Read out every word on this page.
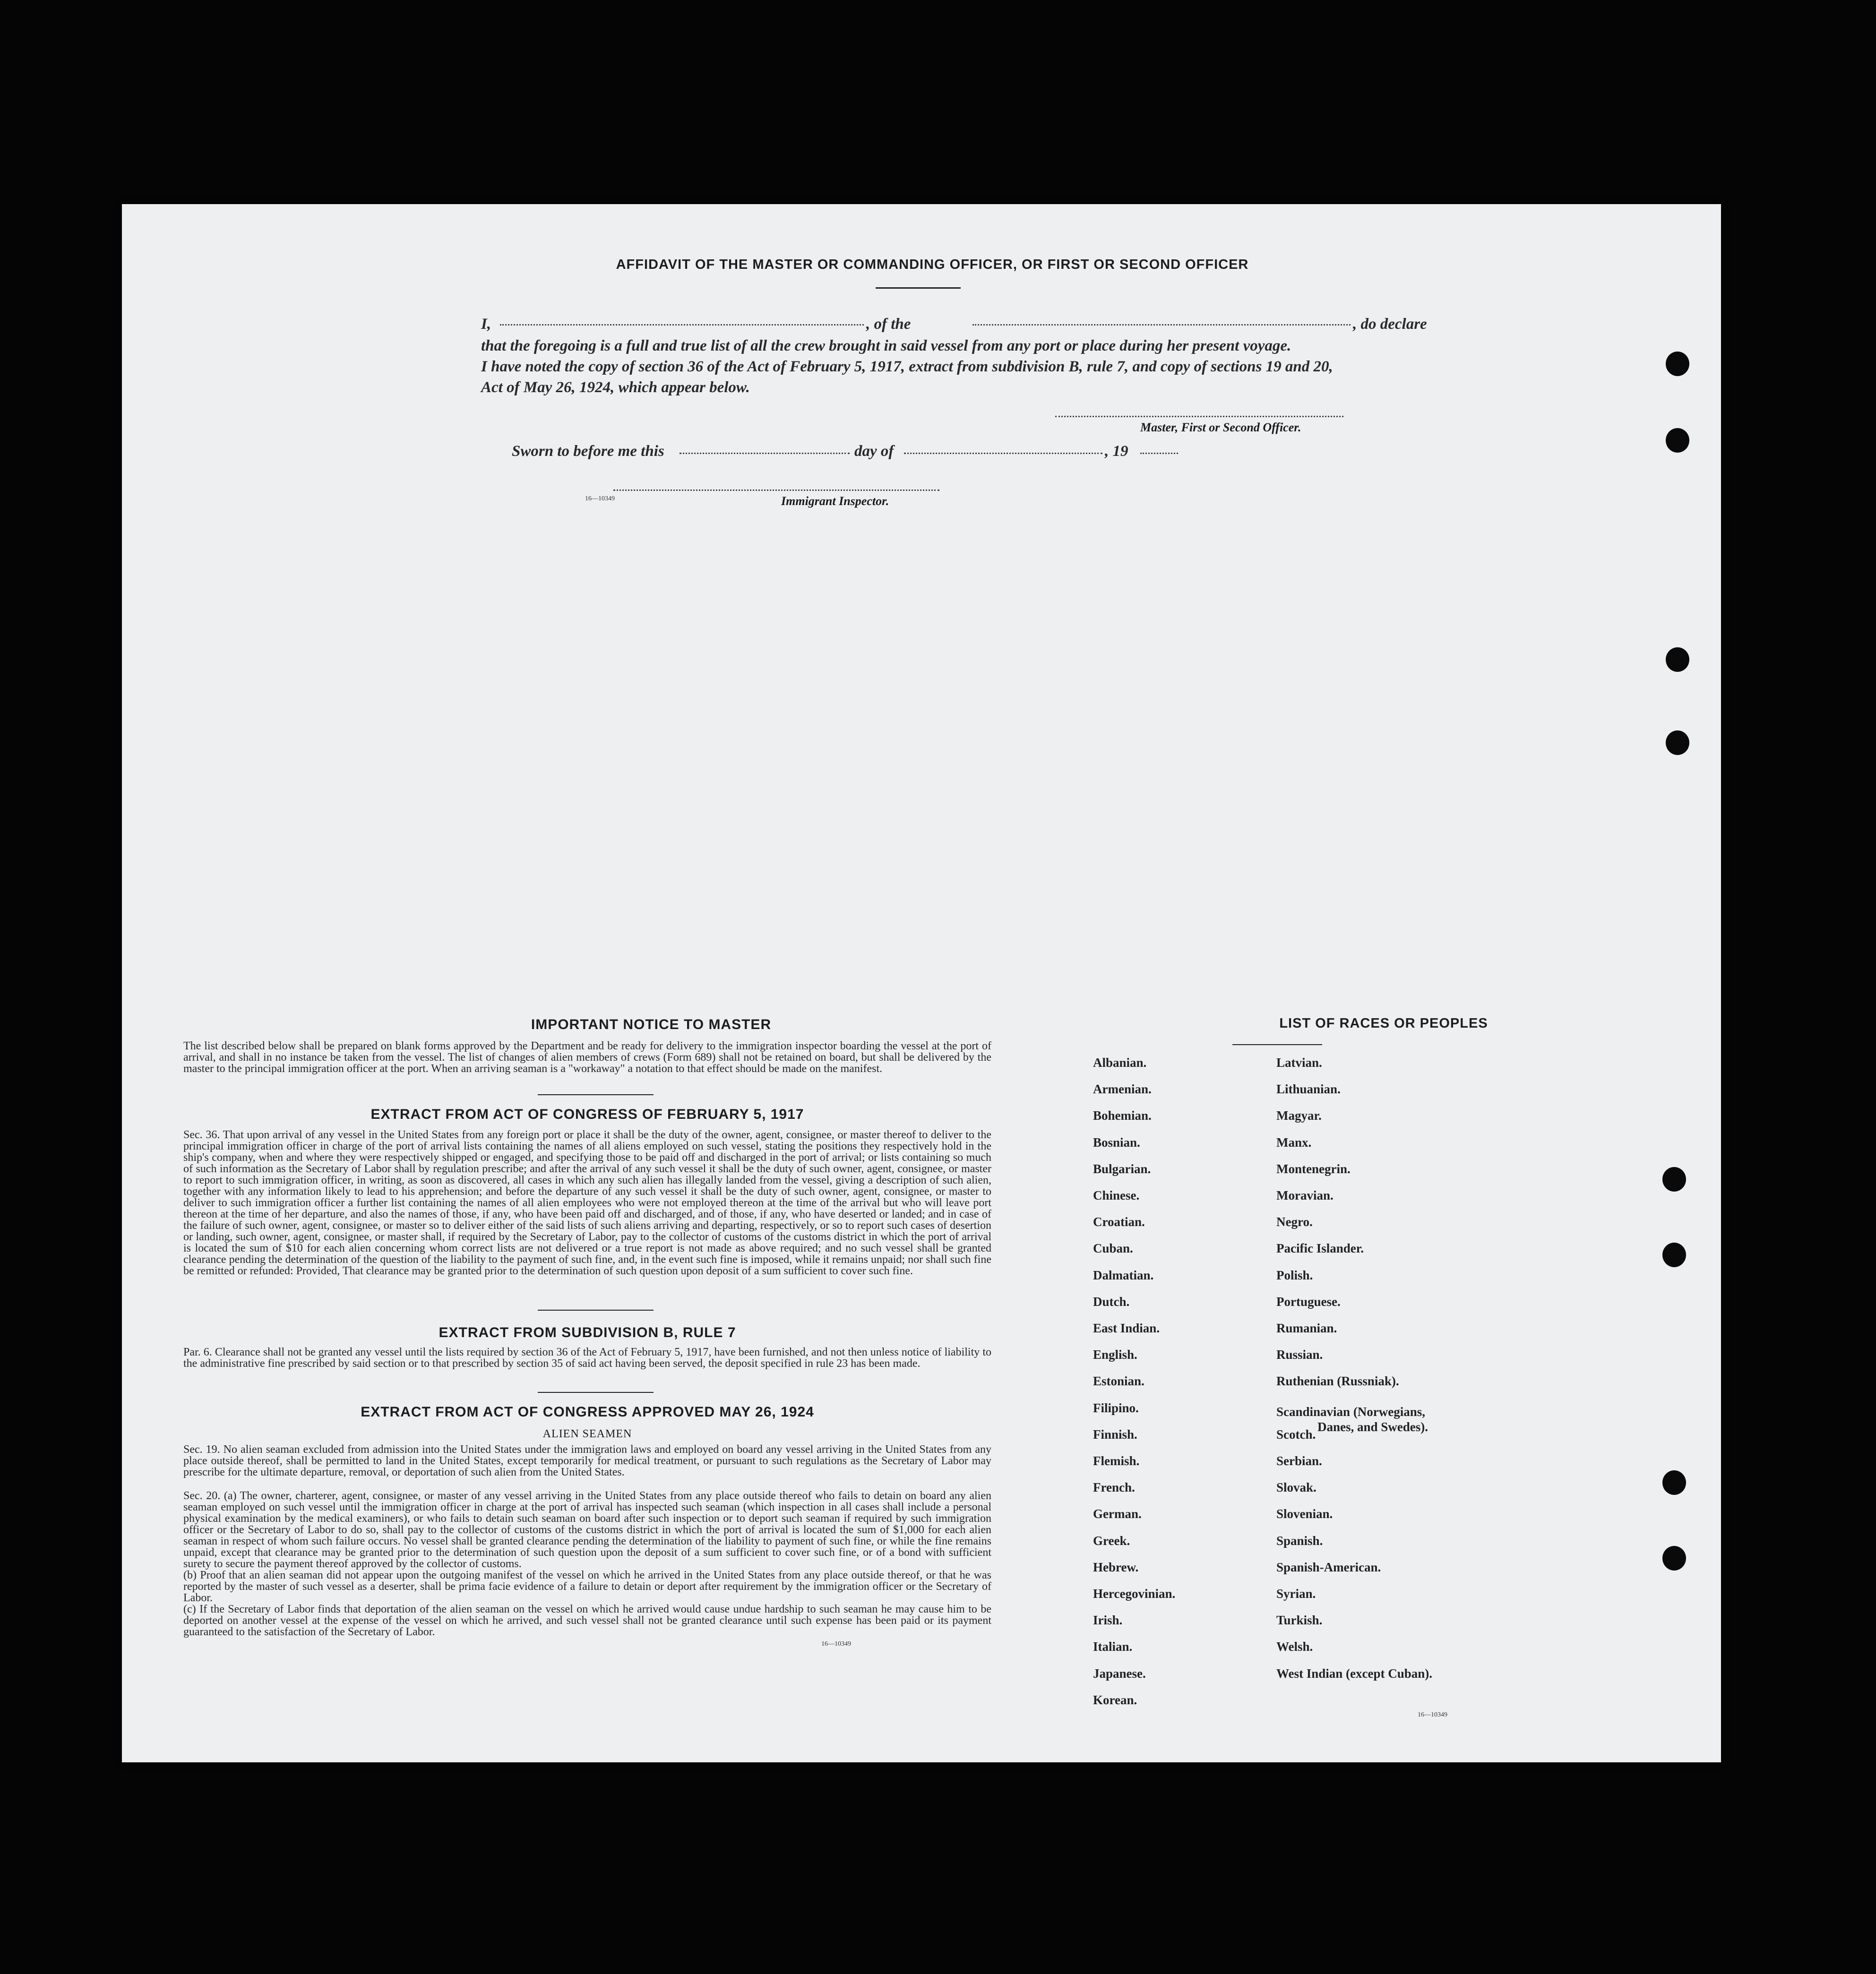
AFFIDAVIT OF THE MASTER OR COMMANDING OFFICER, OR FIRST OR SECOND OFFICER
I,	, of the	, do declare
that the foregoing is a full and true list of all the crew brought in said vessel from any port or place during her present voyage.
I have noted the copy of section 36 of the Act of February 5, 1917, extract from subdivision B, rule 7, and copy of sections 19 and 20,
Act of May 26, 1924, which appear below.
Master, First or Second Officer.
Sworn to before me this	day of	, 19
16—10349	Immigrant Inspector.
IMPORTANT NOTICE TO MASTER
The list described below shall be prepared on blank forms approved by the Department and be ready for delivery to the immigration inspector boarding the vessel at the port of arrival, and shall in no instance be taken from the vessel. The list of changes of alien members of crews (Form 689) shall not be retained on board, but shall be delivered by the master to the principal immigration officer at the port. When an arriving seaman is a "workaway" a notation to that effect should be made on the manifest.
EXTRACT FROM ACT OF CONGRESS OF FEBRUARY 5, 1917
Sec. 36. That upon arrival of any vessel in the United States from any foreign port or place it shall be the duty of the owner, agent, consignee, or master thereof to deliver to the principal immigration officer in charge of the port of arrival lists containing the names of all aliens employed on such vessel, stating the positions they respectively hold in the ship's company, when and where they were respectively shipped or engaged, and specifying those to be paid off and discharged in the port of arrival; or lists containing so much of such information as the Secretary of Labor shall by regulation prescribe; and after the arrival of any such vessel it shall be the duty of such owner, agent, consignee, or master to report to such immigration officer, in writing, as soon as discovered, all cases in which any such alien has illegally landed from the vessel, giving a description of such alien, together with any information likely to lead to his apprehension; and before the departure of any such vessel it shall be the duty of such owner, agent, consignee, or master to deliver to such immigration officer a further list containing the names of all alien employees who were not employed thereon at the time of the arrival but who will leave port thereon at the time of her departure, and also the names of those, if any, who have been paid off and discharged, and of those, if any, who have deserted or landed; and in case of the failure of such owner, agent, consignee, or master so to deliver either of the said lists of such aliens arriving and departing, respectively, or so to report such cases of desertion or landing, such owner, agent, consignee, or master shall, if required by the Secretary of Labor, pay to the collector of customs of the customs district in which the port of arrival is located the sum of $10 for each alien concerning whom correct lists are not delivered or a true report is not made as above required; and no such vessel shall be granted clearance pending the determination of the question of the liability to the payment of such fine, and, in the event such fine is imposed, while it remains unpaid; nor shall such fine be remitted or refunded: Provided, That clearance may be granted prior to the determination of such question upon deposit of a sum sufficient to cover such fine.
EXTRACT FROM SUBDIVISION B, RULE 7
Par. 6. Clearance shall not be granted any vessel until the lists required by section 36 of the Act of February 5, 1917, have been furnished, and not then unless notice of liability to the administrative fine prescribed by said section or to that prescribed by section 35 of said act having been served, the deposit specified in rule 23 has been made.
EXTRACT FROM ACT OF CONGRESS APPROVED MAY 26, 1924
ALIEN SEAMEN
Sec. 19. No alien seaman excluded from admission into the United States under the immigration laws and employed on board any vessel arriving in the United States from any place outside thereof, shall be permitted to land in the United States, except temporarily for medical treatment, or pursuant to such regulations as the Secretary of Labor may prescribe for the ultimate departure, removal, or deportation of such alien from the United States.
Sec. 20. (a) The owner, charterer, agent, consignee, or master of any vessel arriving in the United States from any place outside thereof who fails to detain on board any alien seaman employed on such vessel until the immigration officer in charge at the port of arrival has inspected such seaman (which inspection in all cases shall include a personal physical examination by the medical examiners), or who fails to detain such seaman on board after such inspection or to deport such seaman if required by such immigration officer or the Secretary of Labor to do so, shall pay to the collector of customs of the customs district in which the port of arrival is located the sum of $1,000 for each alien seaman in respect of whom such failure occurs. No vessel shall be granted clearance pending the determination of the liability to payment of such fine, or while the fine remains unpaid, except that clearance may be granted prior to the determination of such question upon the deposit of a sum sufficient to cover such fine, or of a bond with sufficient surety to secure the payment thereof approved by the collector of customs.
(b) Proof that an alien seaman did not appear upon the outgoing manifest of the vessel on which he arrived in the United States from any place outside thereof, or that he was reported by the master of such vessel as a deserter, shall be prima facie evidence of a failure to detain or deport after requirement by the immigration officer or the Secretary of Labor.
(c) If the Secretary of Labor finds that deportation of the alien seaman on the vessel on which he arrived would cause undue hardship to such seaman he may cause him to be deported on another vessel at the expense of the vessel on which he arrived, and such vessel shall not be granted clearance until such expense has been paid or its payment guaranteed to the satisfaction of the Secretary of Labor.
16—10349
LIST OF RACES OR PEOPLES
16—10349
Albanian.
Armenian.
Bohemian.
Bosnian.
Bulgarian.
Chinese.
Croatian.
Cuban.
Dalmatian.
Dutch.
East Indian.
English.
Estonian.
Filipino.
Finnish.
Flemish.
French.
German.
Greek.
Hebrew.
Hercegovinian.
Irish.
Italian.
Japanese.
Korean.
Latvian.
Lithuanian.
Magyar.
Manx.
Montenegrin.
Moravian.
Negro.
Pacific Islander.
Polish.
Portuguese.
Rumanian.
Russian.
Ruthenian (Russniak).
Scandinavian (Norwegians,
Danes, and Swedes).
Scotch.
Serbian.
Slovak.
Slovenian.
Spanish.
Spanish-American.
Syrian.
Turkish.
Welsh.
West Indian (except Cuban).
